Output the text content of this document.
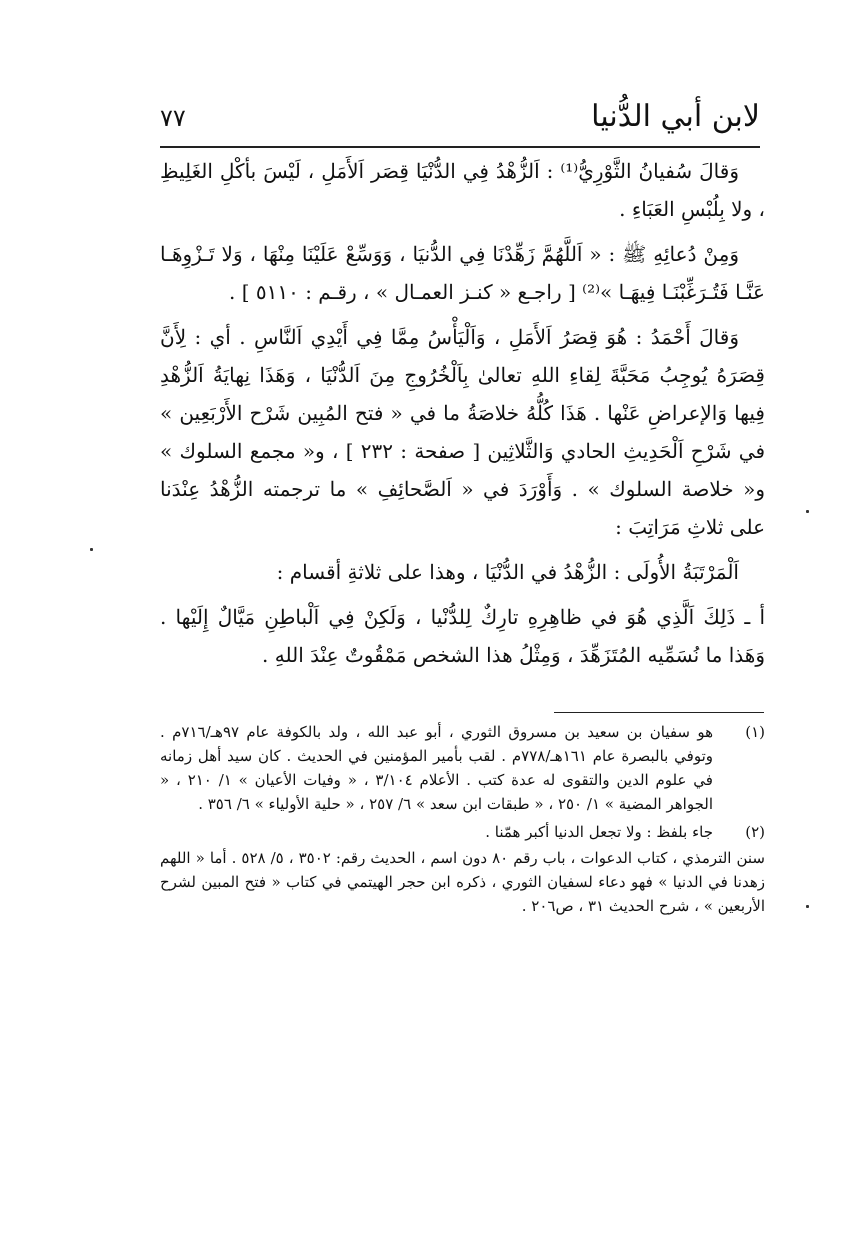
لابن أبي الدُّنيا
٧٧

وَقالَ سُفيانُ الثَّوْرِيُّ⁽¹⁾ : اَلزُّهْدُ فِي الدُّنْيَا قِصَر اَلأَمَلِ ، لَيْسَ بأكْلِ الغَلِيظِ ، ولا بِلُبْسِ العَبَاءِ .

وَمِنْ دُعائِهِ ﷺ : « اَللَّهُمَّ زَهِّدْنَا فِي الدُّنيَا ، وَوَسِّعْ عَلَيْنَا مِنْهَا ، وَلا تَـزْوِهَـا عَنَّـا فَتُـرَغِّبْنَـا فِيهَـا »⁽²⁾ [ راجـع « كنـز العمـال » ، رقـم : ٥١١٠ ] .

وَقالَ أَحْمَدُ : هُوَ قِصَرُ اَلأَمَلِ ، وَاَلْيَأْسُ مِمَّا فِي أَيْدِي اَلنَّاسِ . أي : لِأَنَّ قِصَرَهُ يُوجِبُ مَحَبَّةَ لِقاءِ اللهِ تعالىٰ بِاَلْخُرُوجِ مِنَ اَلدُّنْيَا ، وَهَذَا نِهايَةُ اَلزُّهْدِ فِيها وَالإعراضِ عَنْها . هَذَا كُلُّهُ خلاصَةُ ما في « فتح المُبِين شَرْح الأَرْبَعِين » في شَرْحِ اَلْحَدِيثِ الحادي وَالثَّلاثِين [ صفحة : ٢٣٢ ] ، و« مجمع السلوك » و« خلاصة السلوك » . وَأَوْرَدَ في « اَلصَّحائِفِ » ما ترجمته الزُّهْدُ عِنْدَنا على ثلاثِ مَرَاتِبَ :

اَلْمَرْتَبَةُ الأُولَى : الزُّهْدُ في الدُّنْيَا ، وهذا على ثلاثةِ أقسام :

أ ـ ذَلِكَ اَلَّذِي هُوَ في ظاهِرِهِ تارِكٌ لِلدُّنْيا ، وَلَكِنْ فِي اَلْباطِنِ مَيَّالٌ إِلَيْها . وَهَذا ما نُسَمِّيه المُتَزَهِّدَ ، وَمِثْلُ هذا الشخص مَمْقُوتٌ عِنْدَ اللهِ .

(١)

هو سفيان بن سعيد بن مسروق الثوري ، أبو عبد الله ، ولد بالكوفة عام ٩٧هـ/٧١٦م . وتوفي بالبصرة عام ١٦١هـ/٧٧٨م . لقب بأمير المؤمنين في الحديث . كان سيد أهل زمانه في علوم الدين والتقوى له عدة كتب . الأعلام ٣/١٠٤ ، « وفيات الأعيان » ١/ ٢١٠ ، « الجواهر المضية » ١/ ٢٥٠ ، « طبقات ابن سعد » ٦/ ٢٥٧ ، « حلية الأولياء » ٦/ ٣٥٦ .

(٢)

جاء بلفظ : ولا تجعل الدنيا أكبر همّنا .

سنن الترمذي ، كتاب الدعوات ، باب رقم ٨٠ دون اسم ، الحديث رقم: ٣٥٠٢ ، ٥/ ٥٢٨ . أما « اللهم زهدنا في الدنيا » فهو دعاء لسفيان الثوري ، ذكره ابن حجر الهيتمي في كتاب « فتح المبين لشرح الأربعين » ، شرح الحديث ٣١ ، ص٢٠٦ .
